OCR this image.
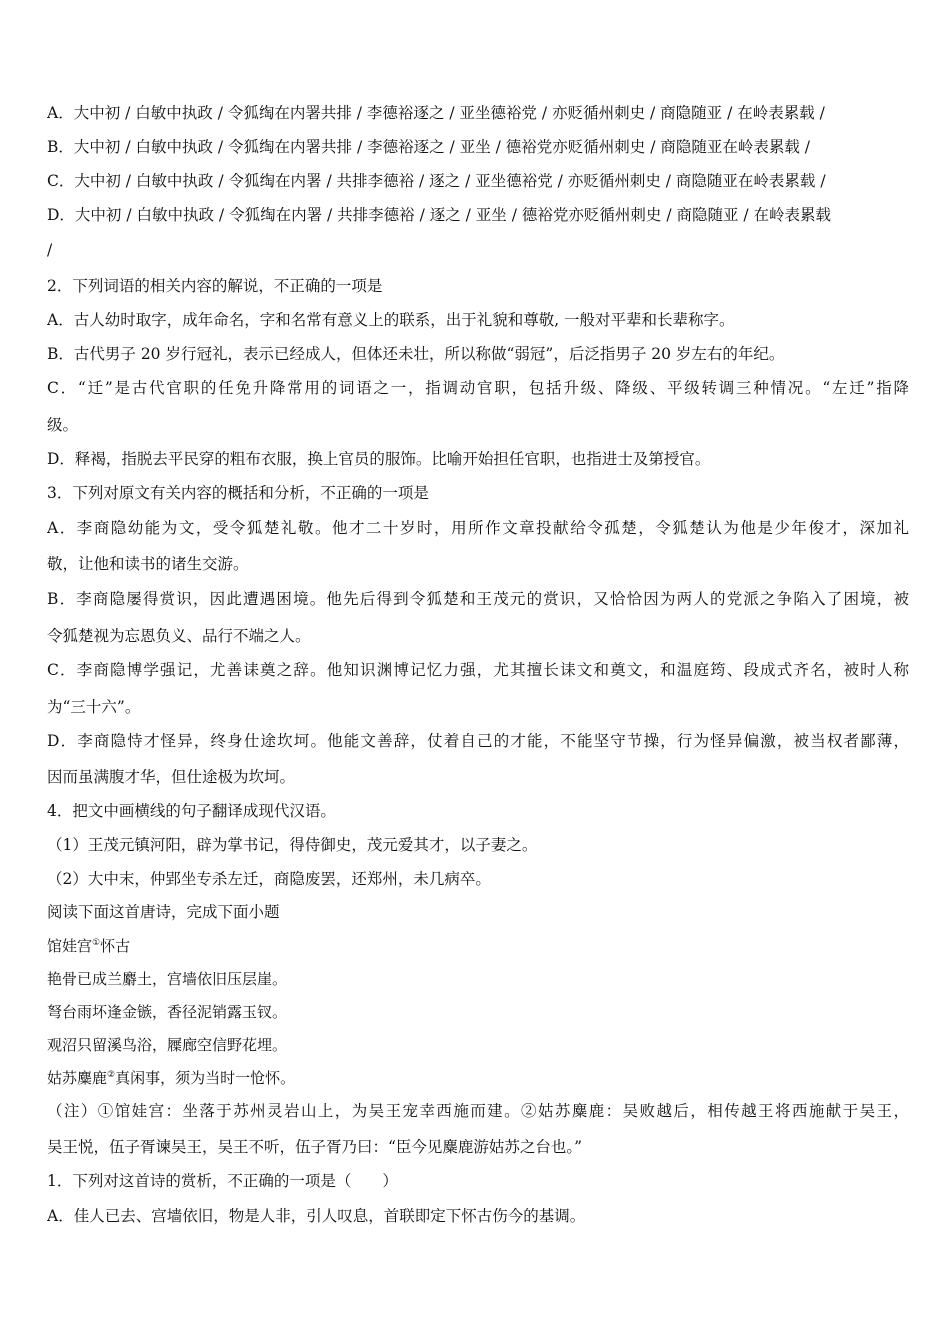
A．大中初 / 白敏中执政 / 令狐绹在内署共排 / 李德裕逐之 / 亚坐德裕党 / 亦贬循州刺史 / 商隐随亚 / 在岭表累载 /
B．大中初 / 白敏中执政 / 令狐绹在内署共排 / 李德裕逐之 / 亚坐 / 德裕党亦贬循州刺史 / 商隐随亚在岭表累载 /
C．大中初 / 白敏中执政 / 令狐绹在内署 / 共排李德裕 / 逐之 / 亚坐德裕党 / 亦贬循州刺史 / 商隐随亚在岭表累载 /
D．大中初 / 白敏中执政 / 令狐绹在内署 / 共排李德裕 / 逐之 / 亚坐 / 德裕党亦贬循州刺史 / 商隐随亚 / 在岭表累载
/
2．下列词语的相关内容的解说，不正确的一项是
A．古人幼时取字，成年命名，字和名常有意义上的联系，出于礼貌和尊敬, 一般对平辈和长辈称字。
B．古代男子 20 岁行冠礼，表示已经成人，但体还未壮，所以称做“弱冠”，后泛指男子 20 岁左右的年纪。
C．“迁”是古代官职的任免升降常用的词语之一，指调动官职，包括升级、降级、平级转调三种情况。“左迁”指降
级。
D．释褐，指脱去平民穿的粗布衣服，换上官员的服饰。比喻开始担任官职，也指进士及第授官。
3．下列对原文有关内容的概括和分析，不正确的一项是
A．李商隐幼能为文，受令狐楚礼敬。他才二十岁时，用所作文章投献给令孤楚，令狐楚认为他是少年俊才，深加礼
敬，让他和读书的诸生交游。
B．李商隐屡得赏识，因此遭遇困境。他先后得到令狐楚和王茂元的赏识，又恰恰因为两人的党派之争陷入了困境，被
令狐楚视为忘恩负义、品行不端之人。
C．李商隐博学强记，尤善诔奠之辞。他知识渊博记忆力强，尤其擅长诔文和奠文，和温庭筠、段成式齐名，被时人称
为“三十六”。
D．李商隐恃才怪异，终身仕途坎坷。他能文善辞，仗着自己的才能，不能坚守节操，行为怪异偏激，被当权者鄙薄，
因而虽满腹才华，但仕途极为坎坷。
4．把文中画横线的句子翻译成现代汉语。
（1）王茂元镇河阳，辟为掌书记，得侍御史，茂元爱其才，以子妻之。
（2）大中末，仲郢坐专杀左迁，商隐废罢，还郑州，未几病卒。
阅读下面这首唐诗，完成下面小题
馆娃宫①怀古
艳骨已成兰麝土，宫墙依旧压层崖。
弩台雨坏逢金镞，香径泥销露玉钗。
观沼只留溪鸟浴，屧廊空信野花埋。
姑苏麋鹿②真闲事，须为当时一怆怀。
（注）①馆娃宫：坐落于苏州灵岩山上，为吴王宠幸西施而建。②姑苏麋鹿：吴败越后，相传越王将西施献于吴王，
吴王悦，伍子胥谏吴王，吴王不听，伍子胥乃曰：“臣今见麋鹿游姑苏之台也。”
1．下列对这首诗的赏析，不正确的一项是（　　）
A．佳人已去、宫墙依旧，物是人非，引人叹息，首联即定下怀古伤今的基调。
